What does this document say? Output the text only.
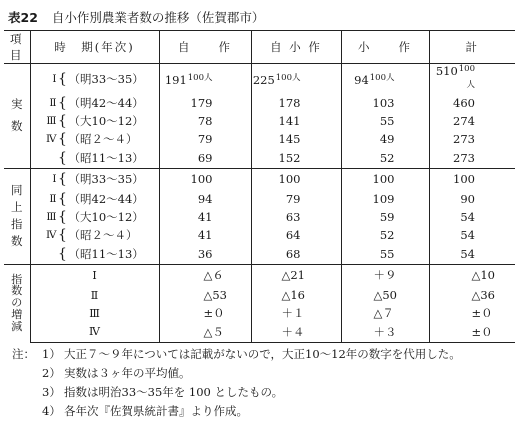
表22 自小作別農業者数の推移（佐賀郡市）
項目	時　期(年次)	自　　作	自 小 作	小　　作	計

実
数	Ⅰ { （明33〜35）	$191^{100人}$	$225^{100人}$	$94^{100人}$	$510^{100人}$

	Ⅱ { （明42〜44）	179	178	103	460

	Ⅲ { （大10〜12）	78	141	55	274

	Ⅳ { （昭２〜４）	79	145	49	273

	{ （昭11〜13）	69	152	52	273

同
上
指
数	Ⅰ { （明33〜35）	100	100	100	100

	Ⅱ { （明42〜44）	94	79	109	90

	Ⅲ { （大10〜12）	41	63	59	54

	Ⅳ { （昭２〜４）	41	64	52	54

	{ （昭11〜13）	36	68	55	54

指
数
の
増
減	Ⅰ	△６	△21	＋９	△10
	Ⅱ	△53	△16	△50	△36
	Ⅲ	±０	＋１	△７	±０
	Ⅳ	△５	＋４	＋３	±０
注： 1） 大正７〜９年については記載がないので，大正10〜12年の数字を代用した。
2） 実数は３ヶ年の平均値。
3） 指数は明治33〜35年を 100 としたもの。
4） 各年次『佐賀県統計書』より作成。
